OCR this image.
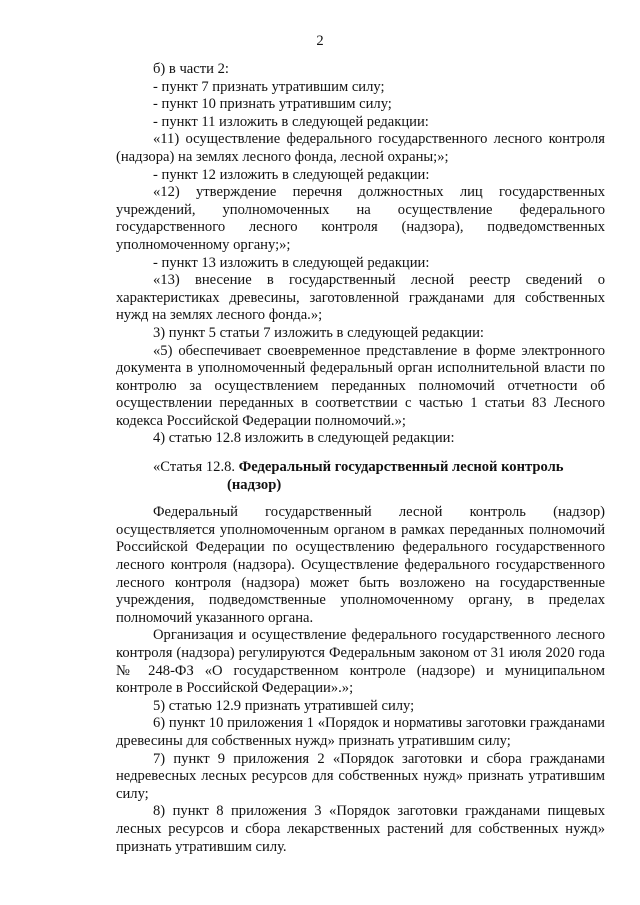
2

б) в части 2:

- пункт 7 признать утратившим силу;

- пункт 10 признать утратившим силу;

- пункт 11 изложить в следующей редакции:

«11) осуществление федерального государственного лесного контроля (надзора) на землях лесного фонда, лесной охраны;»;

- пункт 12 изложить в следующей редакции:

«12) утверждение перечня должностных лиц государственных учреждений, уполномоченных на осуществление федерального государственного лесного контроля (надзора), подведомственных уполномоченному органу;»;

- пункт 13 изложить в следующей редакции:

«13) внесение в государственный лесной реестр сведений о характеристиках древесины, заготовленной гражданами для собственных нужд на землях лесного фонда.»;

3) пункт 5 статьи 7 изложить в следующей редакции:

«5) обеспечивает своевременное представление в форме электронного документа в уполномоченный федеральный орган исполнительной власти по контролю за осуществлением переданных полномочий отчетности об осуществлении переданных в соответствии с частью 1 статьи 83 Лесного кодекса Российской Федерации полномочий.»;

4) статью 12.8 изложить в следующей редакции:

«Статья 12.8. Федеральный государственный лесной контроль
(надзор)

Федеральный государственный лесной контроль (надзор) осуществляется уполномоченным органом в рамках переданных полномочий Российской Федерации по осуществлению федерального государственного лесного контроля (надзора). Осуществление федерального государственного лесного контроля (надзора) может быть возложено на государственные учреждения, подведомственные уполномоченному органу, в пределах полномочий указанного органа.

Организация и осуществление федерального государственного лесного контроля (надзора) регулируются Федеральным законом от 31 июля 2020 года № 248-ФЗ «О государственном контроле (надзоре) и муниципальном контроле в Российской Федерации».»;

5) статью 12.9 признать утратившей силу;

6) пункт 10 приложения 1 «Порядок и нормативы заготовки гражданами древесины для собственных нужд» признать утратившим силу;

7) пункт 9 приложения 2 «Порядок заготовки и сбора гражданами недревесных лесных ресурсов для собственных нужд» признать утратившим силу;

8) пункт 8 приложения 3 «Порядок заготовки гражданами пищевых лесных ресурсов и сбора лекарственных растений для собственных нужд» признать утратившим силу.
